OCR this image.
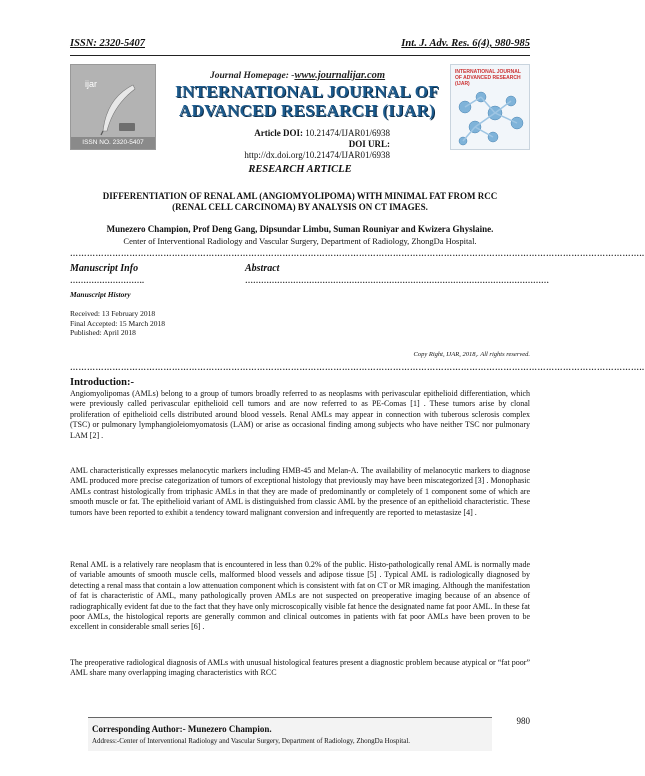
ISSN: 2320-5407	Int. J. Adv. Res. 6(4), 980-985
ijar
ISSN NO. 2320-5407
Journal Homepage: -www.journalijar.com
INTERNATIONAL JOURNAL OF
ADVANCED RESEARCH (IJAR)
Article DOI: 10.21474/IJAR01/6938
DOI URL: http://dx.doi.org/10.21474/IJAR01/6938
INTERNATIONAL JOURNAL OF ADVANCED RESEARCH (IJAR)
RESEARCH ARTICLE
DIFFERENTIATION OF RENAL AML (ANGIOMYOLIPOMA) WITH MINIMAL FAT FROM RCC
(RENAL CELL CARCINOMA) BY ANALYSIS ON CT IMAGES.
Munezero Champion, Prof Deng Gang, Dipsundar Limbu, Suman Rouniyar and Kwizera Ghyslaine.
Center of Interventional Radiology and Vascular Surgery, Department of Radiology, ZhongDa Hospital.
…………………………………………………………………………………………………………………………………………………………………………………..
Manuscript Info	Abstract
……………………….	……………………………………………………………………………………………………
Manuscript History
Received: 13 February 2018
Final Accepted: 15 March 2018
Published: April 2018
Copy Right, IJAR, 2018,. All rights reserved.
…………………………………………………………………………………………………………………………………………………………………………………..
Introduction:-
Angiomyolipomas (AMLs) belong to a group of tumors broadly referred to as neoplasms with perivascular epithelioid differentiation, which were previously called perivascular epithelioid cell tumors and are now referred to as PE-Comas [1] . These tumors arise by clonal proliferation of epithelioid cells distributed around blood vessels. Renal AMLs may appear in connection with tuberous sclerosis complex (TSC) or pulmonary lymphangioleiomyomatosis (LAM) or arise as occasional finding among subjects who have neither TSC nor pulmonary LAM [2] .
AML characteristically expresses melanocytic markers including HMB-45 and Melan-A. The availability of melanocytic markers to diagnose AML produced more precise categorization of tumors of exceptional histology that previously may have been miscategorized [3] . Monophasic AMLs contrast histologically from triphasic AMLs in that they are made of predominantly or completely of 1 component some of which are smooth muscle or fat. The epithelioid variant of AML is distinguished from classic AML by the presence of an epithelioid characteristic. These tumors have been reported to exhibit a tendency toward malignant conversion and infrequently are reported to metastasize [4] .
Renal AML is a relatively rare neoplasm that is encountered in less than 0.2% of the public. Histo-pathologically renal AML is normally made of variable amounts of smooth muscle cells, malformed blood vessels and adipose tissue [5] . Typical AML is radiologically diagnosed by detecting a renal mass that contain a low attenuation component which is consistent with fat on CT or MR imaging. Although the manifestation of fat is characteristic of AML, many pathologically proven AMLs are not suspected on preoperative imaging because of an absence of radiographically evident fat due to the fact that they have only microscopically visible fat hence the designated name fat poor AML. In these fat poor AMLs, the histological reports are generally common and clinical outcomes in patients with fat poor AMLs have been proven to be excellent in considerable small series [6] .
The preoperative radiological diagnosis of AMLs with unusual histological features present a diagnostic problem because atypical or “fat poor” AML share many overlapping imaging characteristics with RCC
980
Corresponding Author:- Munezero Champion.
Address:-Center of Interventional Radiology and Vascular Surgery, Department of Radiology, ZhongDa Hospital.
